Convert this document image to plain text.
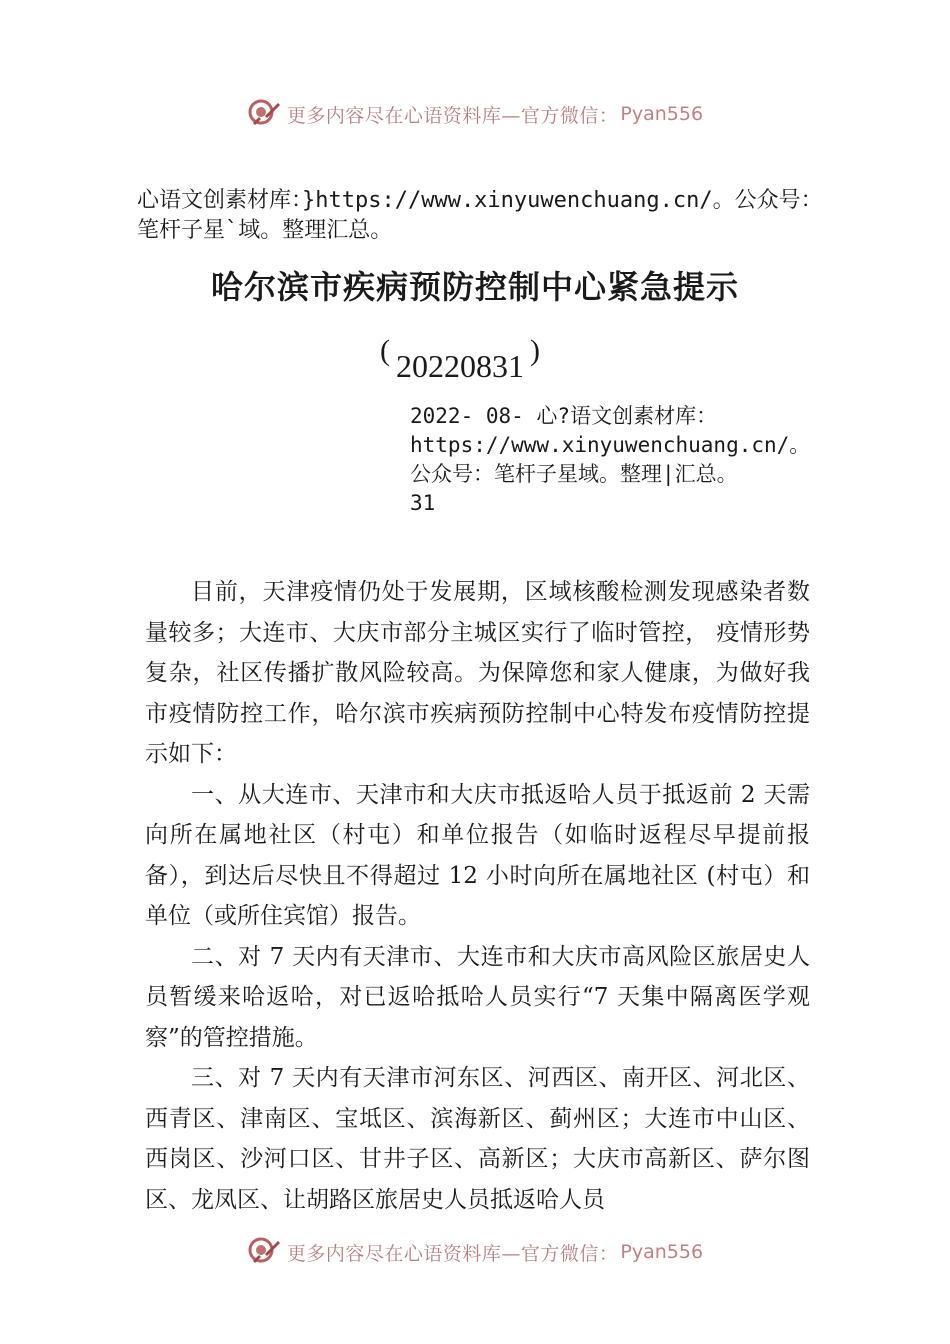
更多内容尽在心语资料库—官方微信： Pyan556
心语文创素材库：}https://www.xinyuwenchuang.cn/。公众号：笔杆子星`域。整理汇总。
哈尔滨市疾病预防控制中心紧急提示
( 20220831 )
2022- 08- 心?语文创素材库：
https://www.xinyuwenchuang.cn/。
公众号：笔杆子星域。整理|汇总。
31

目前，天津疫情仍处于发展期，区域核酸检测发现感染者数量较多；大连市、大庆市部分主城区实行了临时管控， 疫情形势复杂，社区传播扩散风险较高。为保障您和家人健康，为做好我市疫情防控工作，哈尔滨市疾病预防控制中心特发布疫情防控提示如下：

一、从大连市、天津市和大庆市抵返哈人员于抵返前 2 天需向所在属地社区（村屯）和单位报告（如临时返程尽早提前报备），到达后尽快且不得超过 12 小时向所在属地社区 (村屯）和单位（或所住宾馆）报告。

二、对 7 天内有天津市、大连市和大庆市高风险区旅居史人员暂缓来哈返哈，对已返哈抵哈人员实行“7 天集中隔离医学观察”的管控措施。

三、对 7 天内有天津市河东区、河西区、南开区、河北区、西青区、津南区、宝坻区、滨海新区、蓟州区；大连市中山区、西岗区、沙河口区、甘井子区、高新区；大庆市高新区、萨尔图区、龙凤区、让胡路区旅居史人员抵返哈人员

更多内容尽在心语资料库—官方微信： Pyan556
